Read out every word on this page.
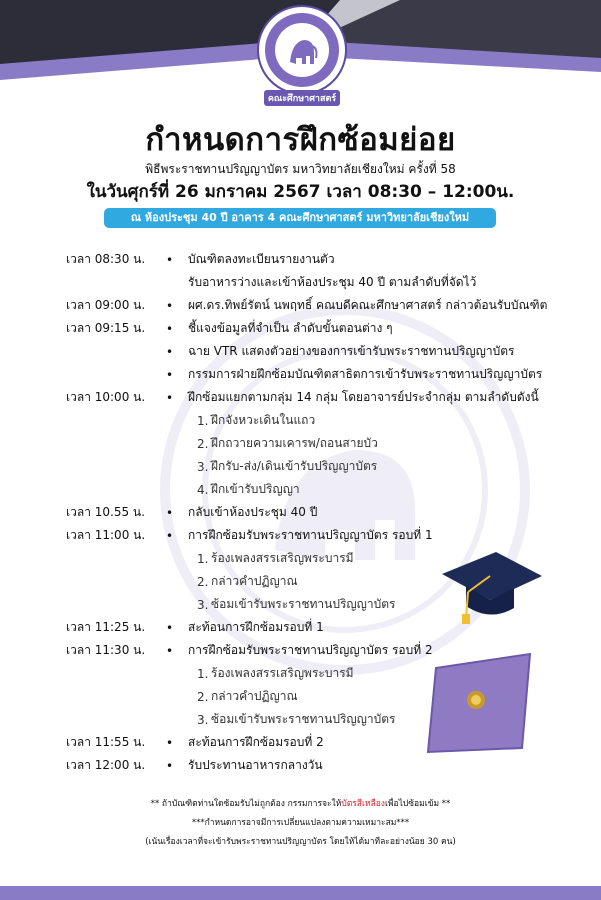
คณะศึกษาศาสตร์
กำหนดการฝึกซ้อมย่อย
พิธีพระราชทานปริญญาบัตร มหาวิทยาลัยเชียงใหม่ ครั้งที่ 58
ในวันศุกร์ที่ 26 มกราคม 2567 เวลา 08:30 – 12:00น.
ณ ห้องประชุม 40 ปี อาคาร 4 คณะศึกษาศาสตร์ มหาวิทยาลัยเชียงใหม่
เวลา 08:30 น.	•	บัณฑิตลงทะเบียนรายงานตัว
รับอาหารว่างและเข้าห้องประชุม 40 ปี ตามลำดับที่จัดไว้
เวลา 09:00 น.	•	ผศ.ดร.ทิพย์รัตน์ นพฤทธิ์ คณบดีคณะศึกษาศาสตร์ กล่าวต้อนรับบัณฑิต
เวลา 09:15 น.	•	ชี้แจงข้อมูลที่จำเป็น ลำดับขั้นตอนต่าง ๆ
•	ฉาย VTR แสดงตัวอย่างของการเข้ารับพระราชทานปริญญาบัตร
•	กรรมการฝ่ายฝึกซ้อมบัณฑิตสาธิตการเข้ารับพระราชทานปริญญาบัตร
เวลา 10:00 น.	•	ฝึกซ้อมแยกตามกลุ่ม 14 กลุ่ม โดยอาจารย์ประจำกลุ่ม ตามลำดับดังนี้
1. ฝึกจังหวะเดินในแถว
2. ฝึกถวายความเคารพ/ถอนสายบัว
3. ฝึกรับ-ส่ง/เดินเข้ารับปริญญาบัตร
4. ฝึกเข้ารับปริญญา
เวลา 10.55 น.	•	กลับเข้าห้องประชุม 40 ปี
เวลา 11:00 น.	•	การฝึกซ้อมรับพระราชทานปริญญาบัตร รอบที่ 1
1. ร้องเพลงสรรเสริญพระบารมี
2. กล่าวคำปฏิญาณ
3. ซ้อมเข้ารับพระราชทานปริญญาบัตร
เวลา 11:25 น.	•	สะท้อนการฝึกซ้อมรอบที่ 1
เวลา 11:30 น.	•	การฝึกซ้อมรับพระราชทานปริญญาบัตร รอบที่ 2
1. ร้องเพลงสรรเสริญพระบารมี
2. กล่าวคำปฏิญาณ
3. ซ้อมเข้ารับพระราชทานปริญญาบัตร
เวลา 11:55 น.	•	สะท้อนการฝึกซ้อมรอบที่ 2
เวลา 12:00 น.	•	รับประทานอาหารกลางวัน
** ถ้าบัณฑิตท่านใดซ้อมรับไม่ถูกต้อง กรรมการจะให้บัตรสีเหลืองเพื่อไปซ้อมเข้ม **
***กำหนดการอาจมีการเปลี่ยนแปลงตามความเหมาะสม***
(เน้นเรื่องเวลาที่จะเข้ารับพระราชทานปริญญาบัตร โดยให้ได้มาทีละอย่างน้อย 30 คน)
